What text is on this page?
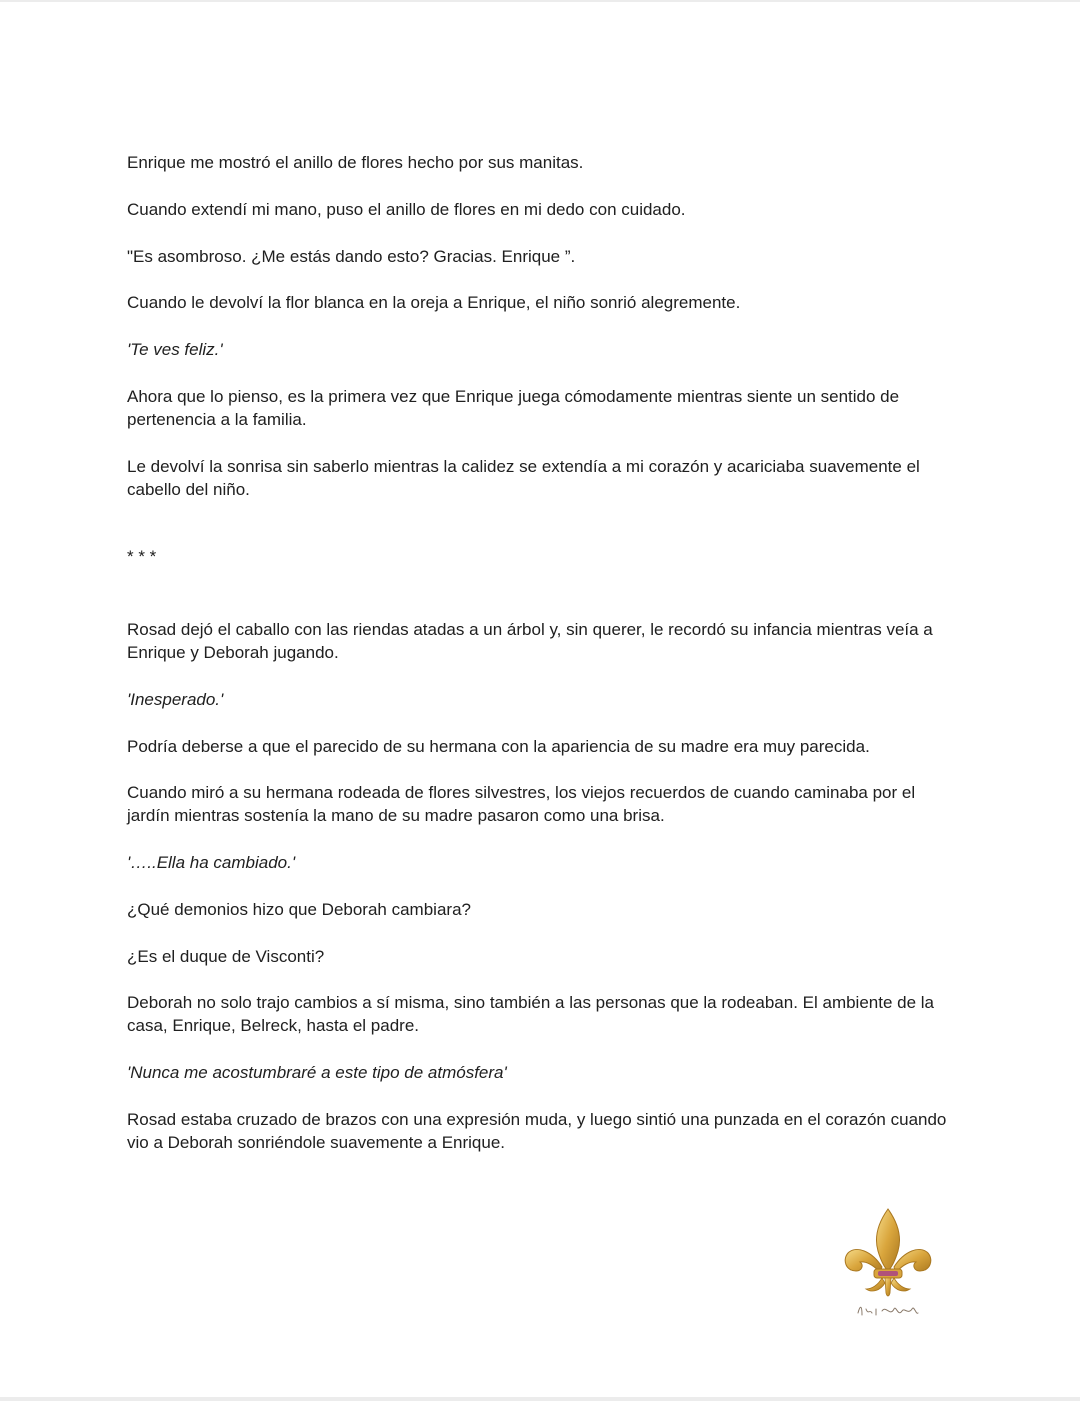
Enrique me mostró el anillo de flores hecho por sus manitas.

Cuando extendí mi mano, puso el anillo de flores en mi dedo con cuidado.

"Es asombroso. ¿Me estás dando esto? Gracias. Enrique ”.

Cuando le devolví la flor blanca en la oreja a Enrique, el niño sonrió alegremente.

'Te ves feliz.'

Ahora que lo pienso, es la primera vez que Enrique juega cómodamente mientras siente un sentido de pertenencia a la familia.

Le devolví la sonrisa sin saberlo mientras la calidez se extendía a mi corazón y acariciaba suavemente el cabello del niño.

* * *

Rosad dejó el caballo con las riendas atadas a un árbol y, sin querer, le recordó su infancia mientras veía a Enrique y Deborah jugando.

'Inesperado.'

Podría deberse a que el parecido de su hermana con la apariencia de su madre era muy parecida.

Cuando miró a su hermana rodeada de flores silvestres, los viejos recuerdos de cuando caminaba por el jardín mientras sostenía la mano de su madre pasaron como una brisa.

'…..Ella ha cambiado.'

¿Qué demonios hizo que Deborah cambiara?

¿Es el duque de Visconti?

Deborah no solo trajo cambios a sí misma, sino también a las personas que la rodeaban. El ambiente de la casa, Enrique, Belreck, hasta el padre.

'Nunca me acostumbraré a este tipo de atmósfera'

Rosad estaba cruzado de brazos con una expresión muda, y luego sintió una punzada en el corazón cuando vio a Deborah sonriéndole suavemente a Enrique.
